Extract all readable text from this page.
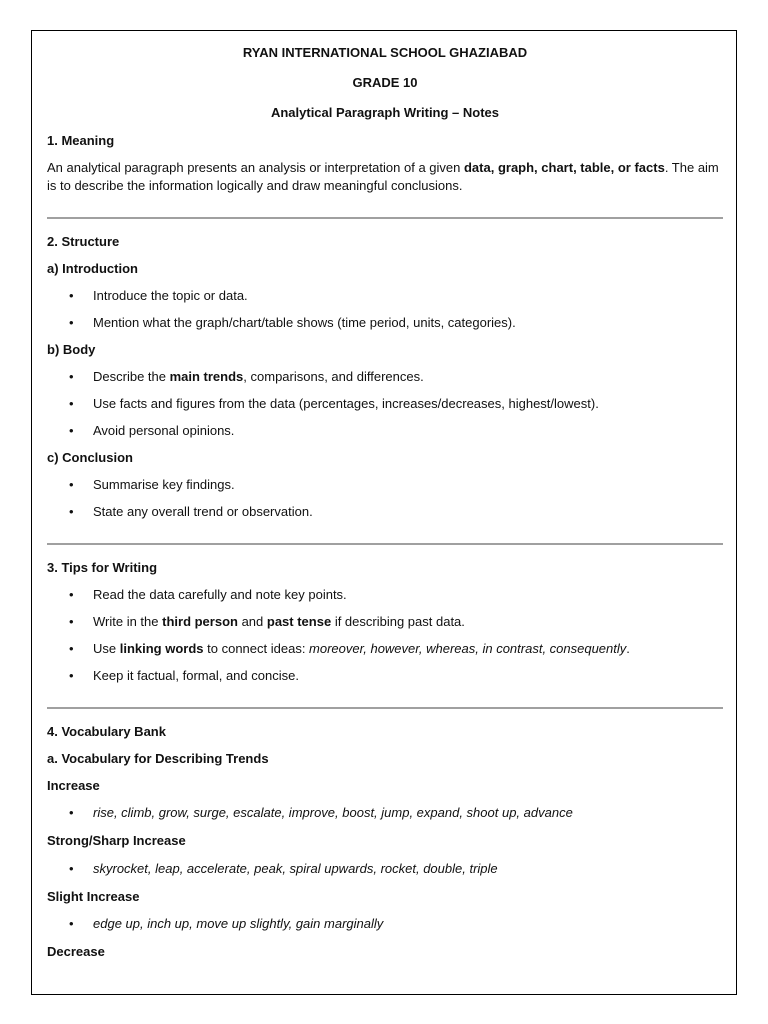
RYAN INTERNATIONAL SCHOOL GHAZIABAD

GRADE 10

Analytical Paragraph Writing – Notes

1. Meaning

An analytical paragraph presents an analysis or interpretation of a given data, graph, chart, table, or facts. The aim is to describe the information logically and draw meaningful conclusions.

2. Structure

a) Introduction

• Introduce the topic or data.
• Mention what the graph/chart/table shows (time period, units, categories).

b) Body

• Describe the main trends, comparisons, and differences.
• Use facts and figures from the data (percentages, increases/decreases, highest/lowest).
• Avoid personal opinions.

c) Conclusion

• Summarise key findings.
• State any overall trend or observation.

3. Tips for Writing

• Read the data carefully and note key points.
• Write in the third person and past tense if describing past data.
• Use linking words to connect ideas: moreover, however, whereas, in contrast, consequently.
• Keep it factual, formal, and concise.

4. Vocabulary Bank

a. Vocabulary for Describing Trends

Increase

• rise, climb, grow, surge, escalate, improve, boost, jump, expand, shoot up, advance

Strong/Sharp Increase

• skyrocket, leap, accelerate, peak, spiral upwards, rocket, double, triple

Slight Increase

• edge up, inch up, move up slightly, gain marginally

Decrease
